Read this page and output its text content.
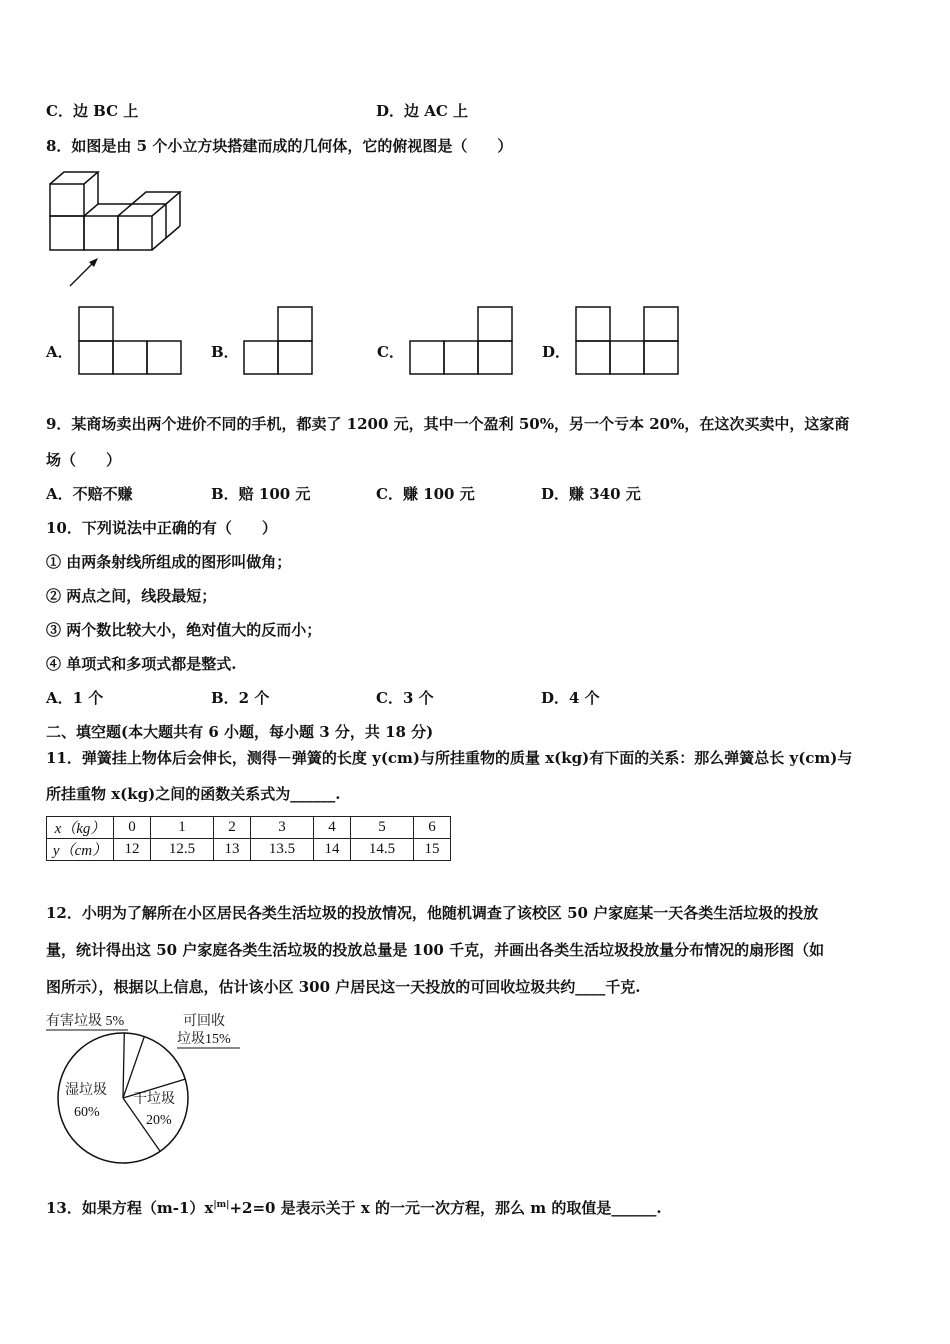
C．边 BC 上	D．边 AC 上
8．如图是由 5 个小立方块搭建而成的几何体，它的俯视图是（　　）
A．	B．	C．	D．
9．某商场卖出两个进价不同的手机，都卖了 1200 元，其中一个盈利 50%，另一个亏本 20%，在这次买卖中，这家商
场（　　）
A．不赔不赚	B．赔 100 元	C．赚 100 元	D．赚 340 元
10．下列说法中正确的有（　　）
① 由两条射线所组成的图形叫做角；
② 两点之间，线段最短；
③ 两个数比较大小，绝对值大的反而小；
④ 单项式和多项式都是整式.
A．1 个	B．2 个	C．3 个	D．4 个
二、填空题(本大题共有 6 小题，每小题 3 分，共 18 分)
11．弹簧挂上物体后会伸长，测得－弹簧的长度 y(cm)与所挂重物的质量 x(kg)有下面的关系：那么弹簧总长 y(cm)与
所挂重物 x(kg)之间的函数关系式为______.
x（kg）	0	1	2	3	4	5	6
y（cm）	12	12.5	13	13.5	14	14.5	15
12．小明为了解所在小区居民各类生活垃圾的投放情况，他随机调查了该校区 50 户家庭某一天各类生活垃圾的投放
量，统计得出这 50 户家庭各类生活垃圾的投放总量是 100 千克，并画出各类生活垃圾投放量分布情况的扇形图（如
图所示），根据以上信息，估计该小区 300 户居民这一天投放的可回收垃圾共约____千克.
有害垃圾 5%	可回收
垃圾15%
湿垃圾
60%
干垃圾
20%
13．如果方程$(m-1)x^{|m|}+2=0$ 是表示关于 x 的一元一次方程，那么 m 的取值是______.
